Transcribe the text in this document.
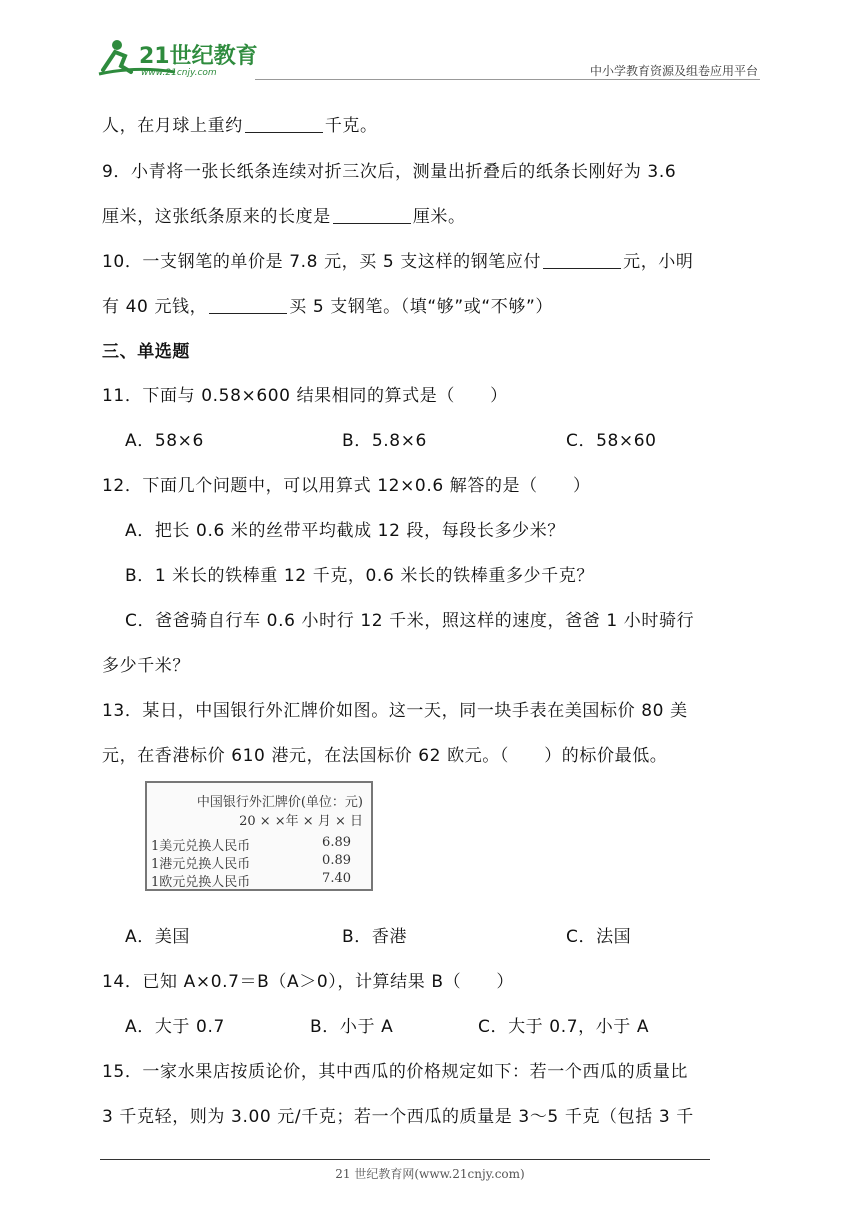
21世纪教育
www.21cnjy.com	中小学教育资源及组卷应用平台
人，在月球上重约	千克。
9．小青将一张长纸条连续对折三次后，测量出折叠后的纸条长刚好为 3.6
厘米，这张纸条原来的长度是	厘米。
10．一支钢笔的单价是 7.8 元，买 5 支这样的钢笔应付	元，小明
有 40 元钱，	买 5 支钢笔。（填“够”或“不够”）
三、单选题
11．下面与 0.58×600 结果相同的算式是（　　）
A．58×6	B．5.8×6	C．58×60
12．下面几个问题中，可以用算式 12×0.6 解答的是（　　）
A．把长 0.6 米的丝带平均截成 12 段，每段长多少米？
B．1 米长的铁棒重 12 千克，0.6 米长的铁棒重多少千克？
C．爸爸骑自行车 0.6 小时行 12 千米，照这样的速度，爸爸 1 小时骑行
多少千米？
13．某日，中国银行外汇牌价如图。这一天，同一块手表在美国标价 80 美
元，在香港标价 610 港元，在法国标价 62 欧元。（　　）的标价最低。
中国银行外汇牌价(单位：元)
20 × ×年 × 月 × 日
1美元兑换人民币	6.89
1港元兑换人民币	0.89
1欧元兑换人民币	7.40
A．美国	B．香港	C．法国
14．已知 A×0.7＝B（A＞0），计算结果 B（　　）
A．大于 0.7	B．小于 A	C．大于 0.7，小于 A
15．一家水果店按质论价，其中西瓜的价格规定如下：若一个西瓜的质量比
3 千克轻，则为 3.00 元/千克；若一个西瓜的质量是 3～5 千克（包括 3 千
21 世纪教育网(www.21cnjy.com)
